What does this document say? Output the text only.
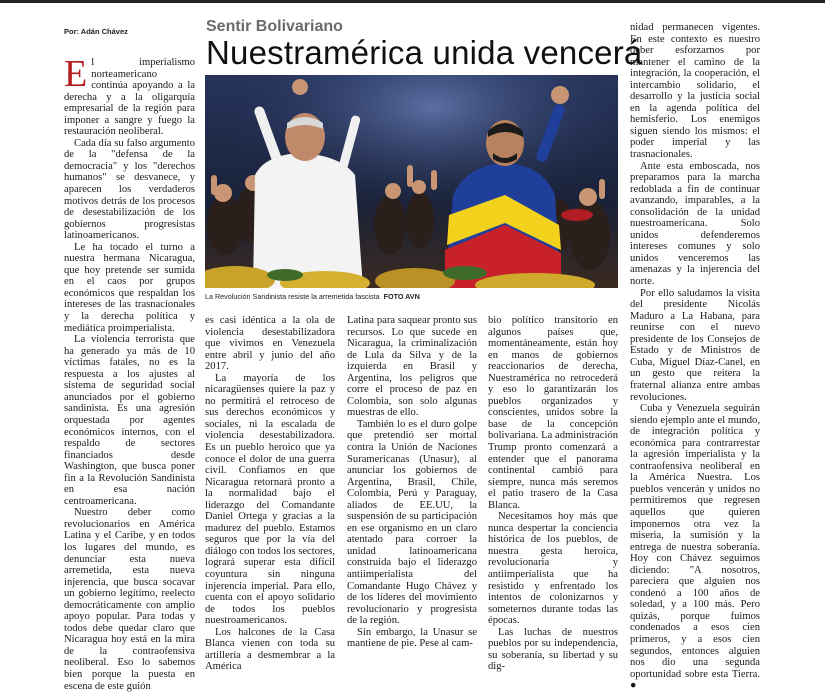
Por: Adán Chávez	Sentir Bolivariano
Nuestramérica unida vencerá

El imperialismo norteamericano continúa apoyando a la derecha y a la oligarquía empresarial de la región para imponer a sangre y fuego la restauración neoliberal.

Cada día su falso argumento de la "defensa de la democracia" y los "derechos humanos" se desvanece, y aparecen los verdaderos motivos detrás de los procesos de desestabilización de los gobiernos progresistas latinoamericanos.

Le ha tocado el turno a nuestra hermana Nicaragua, que hoy pretende ser sumida en el caos por grupos económicos que respaldan los intereses de las trasnacionales y la derecha política y mediática proimperialista.

La violencia terrorista que ha generado ya más de 10 víctimas fatales, no es la respuesta a los ajustes al sistema de seguridad social anunciados por el gobierno sandinista. Es una agresión orquestada por agentes económicos internos, con el respaldo de sectores financiados desde Washington, que busca poner fin a la Revolución Sandinista en esa nación centroamericana.

Nuestro deber como revolucionarios en América Latina y el Caribe, y en todos los lugares del mundo, es denunciar esta nueva arremetida, esta nueva injerencia, que busca socavar un gobierno legítimo, reelecto democráticamente con amplio apoyo popular. Para todas y todos debe quedar claro que Nicaragua hoy está en la mira de la contraofensiva neoliberal. Eso lo sabemos bien porque la puesta en escena de este guión

La Revolución Sandinista resiste la arremetida fascista FOTO AVN

es casi idéntica a la ola de violencia desestabilizadora que vivimos en Venezuela entre abril y junio del año 2017.

La mayoría de los nicaragüenses quiere la paz y no permitirá el retroceso de sus derechos económicos y sociales, ni la escalada de violencia desestabilizadora. Es un pueblo heroico que ya conoce el dolor de una guerra civil. Confiamos en que Nicaragua retornará pronto a la normalidad bajo el liderazgo del Comandante Daniel Ortega y gracias a la madurez del pueblo. Estamos seguros que por la vía del diálogo con todos los sectores, logrará superar esta difícil coyuntura sin ninguna injerencia imperial. Para ello, cuenta con el apoyo solidario de todos los pueblos nuestroamericanos.

Los halcones de la Casa Blanca vienen con toda su artillería a desmembrar a la América

Latina para saquear pronto sus recursos. Lo que sucede en Nicaragua, la criminalización de Lula da Silva y de la izquierda en Brasil y Argentina, los peligros que corre el proceso de paz en Colombia, son solo algunas muestras de ello.

También lo es el duro golpe que pretendió ser mortal contra la Unión de Naciones Suramericanas (Unasur), al anunciar los gobiernos de Argentina, Brasil, Chile, Colombia, Perú y Paraguay, aliados de EE.UU, la suspensión de su participación en ese organismo en un claro atentado para corroer la unidad latinoamericana construida bajo el liderazgo antiimperialista del Comandante Hugo Chávez y de los líderes del movimiento revolucionario y progresista de la región.

Sin embargo, la Unasur se mantiene de pie. Pese al cam-

bio político transitorio en algunos países que, momentáneamente, están hoy en manos de gobiernos reaccionarios de derecha, Nuestramérica no retrocederá y eso lo garantizarán los pueblos organizados y conscientes, unidos sobre la base de la concepción bolivariana. La administración Trump pronto comenzará a entender que el panorama continental cambió para siempre, nunca más seremos el patio trasero de la Casa Blanca.

Necesitamos hoy más que nunca despertar la conciencia histórica de los pueblos, de nuestra gesta heroica, revolucionaria y antiimperialista que ha resistido y enfrentado los intentos de colonizarnos y someternos durante todas las épocas.

Las luchas de nuestros pueblos por su independencia, su soberanía, su libertad y su dig-

nidad permanecen vigentes. En este contexto es nuestro deber esforzarnos por mantener el camino de la integración, la cooperación, el intercambio solidario, el desarrollo y la justicia social en la agenda política del hemisferio. Los enemigos siguen siendo los mismos: el poder imperial y las trasnacionales.

Ante esta emboscada, nos preparamos para la marcha redoblada a fin de continuar avanzando, imparables, a la consolidación de la unidad nuestroamericana. Solo unidos defenderemos intereses comunes y solo unidos venceremos las amenazas y la injerencia del norte.

Por ello saludamos la visita del presidente Nicolás Maduro a La Habana, para reunirse con el nuevo presidente de los Consejos de Estado y de Ministros de Cuba, Miguel Díaz-Canel, en un gesto que reitera la fraternal alianza entre ambas revoluciones.

Cuba y Venezuela seguirán siendo ejemplo ante el mundo, de integración política y económica para contrarrestar la agresión imperialista y la contraofensiva neoliberal en la América Nuestra. Los pueblos vencerán y unidos no permitiremos que regresen aquellos que quieren imponernos otra vez la miseria, la sumisión y la entrega de nuestra soberanía. Hoy con Chávez seguimos diciendo: "A nosotros, pareciera que alguien nos condenó a 100 años de soledad, y a 100 más. Pero quizás, porque fuimos condenados a esos cien primeros, y a esos cien segundos, entonces alguien nos dio una segunda oportunidad sobre esta Tierra. ●
